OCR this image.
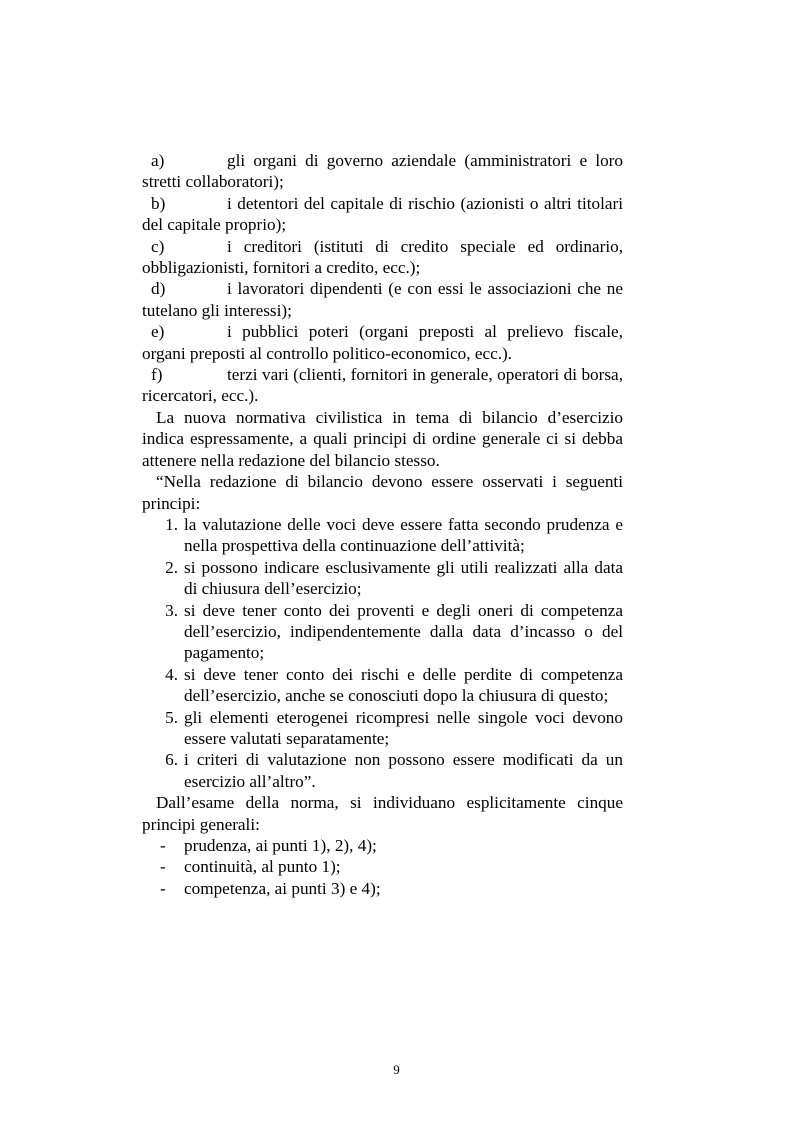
a)	gli organi di governo aziendale (amministratori e loro stretti collaboratori);

b)	i detentori del capitale di rischio (azionisti o altri titolari del capitale proprio);

c)	i creditori (istituti di credito speciale ed ordinario, obbligazionisti, fornitori a credito, ecc.);

d)	i lavoratori dipendenti (e con essi le associazioni che ne tutelano gli interessi);

e)	i pubblici poteri (organi preposti al prelievo fiscale, organi preposti al controllo politico-economico, ecc.).

f)	terzi vari (clienti, fornitori in generale, operatori di borsa, ricercatori, ecc.).

La nuova normativa civilistica in tema di bilancio d’esercizio indica espressamente, a quali principi di ordine generale ci si debba attenere nella redazione del bilancio stesso.

“Nella redazione di bilancio devono essere osservati i seguenti principi:

1. la valutazione delle voci deve essere fatta secondo prudenza e nella prospettiva della continuazione dell’attività;
2. si possono indicare esclusivamente gli utili realizzati alla data di chiusura dell’esercizio;
3. si deve tener conto dei proventi e degli oneri di competenza dell’esercizio, indipendentemente dalla data d’incasso o del pagamento;
4. si deve tener conto dei rischi e delle perdite di competenza dell’esercizio, anche se conosciuti dopo la chiusura di questo;
5. gli elementi eterogenei ricompresi nelle singole voci devono essere valutati separatamente;
6. i criteri di valutazione non possono essere modificati da un esercizio all’altro”.

Dall’esame della norma, si individuano esplicitamente cinque principi generali:

- prudenza, ai punti 1), 2), 4);
- continuità, al punto 1);
- competenza, ai punti 3) e 4);
9
